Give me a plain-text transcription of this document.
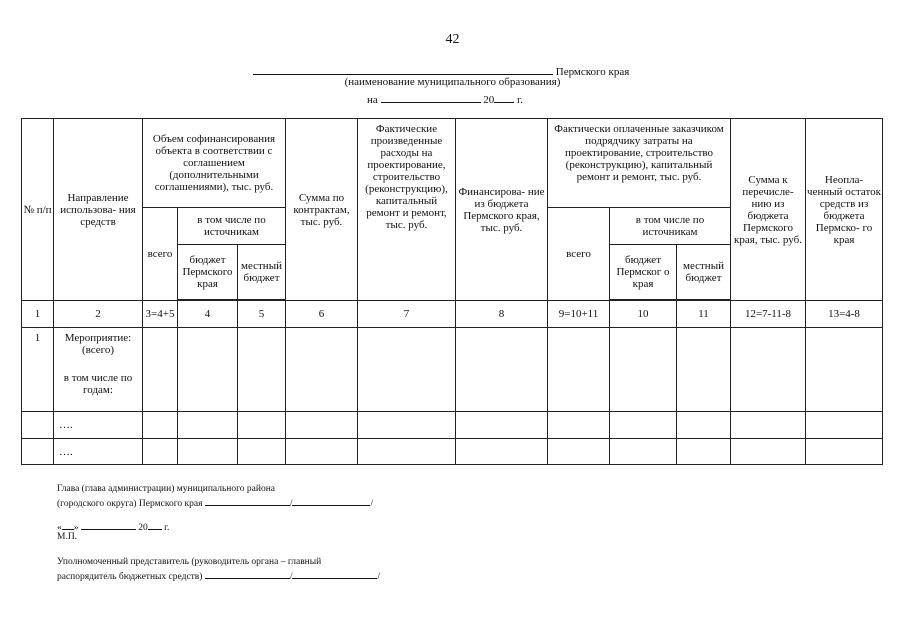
42
Пермского края
(наименование муниципального образования)
на	20 г.
№ п/п	Направление использова- ния средств	Объем софинансирования объекта в соответствии с соглашением (дополнительными соглашениями), тыс. руб.			Сумма по контрактам, тыс. руб.	Фактические произведенные расходы на проектирование, строительство (реконструкцию), капитальный ремонт и ремонт, тыс. руб.	Финансирова- ние из бюджета Пермского края, тыс. руб.	Фактически оплаченные заказчиком подрядчику затраты на проектирование, строительство (реконструкцию), капитальный ремонт и ремонт, тыс. руб.			Сумма к перечисле- нию из бюджета Пермского края, тыс. руб.	Неопла- ченный остаток средств из бюджета Пермско- го края
		всего	в том числе по источникам					всего	в том числе по источникам			
			бюджет Пермского края	местный бюджет					бюджет Пермског о края	местный бюджет		

1	2	3=4+5	4	5	6	7	8	9=10+11	10	11	12=7-11-8	13=4-8
1	Мероприятие: (всего)
в том числе по годам:											

	….											
	….											
Глава (глава администрации) муниципального района
(городского округа) Пермского края	/	/
« »	20 г.
М.П.
Уполномоченный представитель (руководитель органа – главный
распорядитель бюджетных средств)	/	/
